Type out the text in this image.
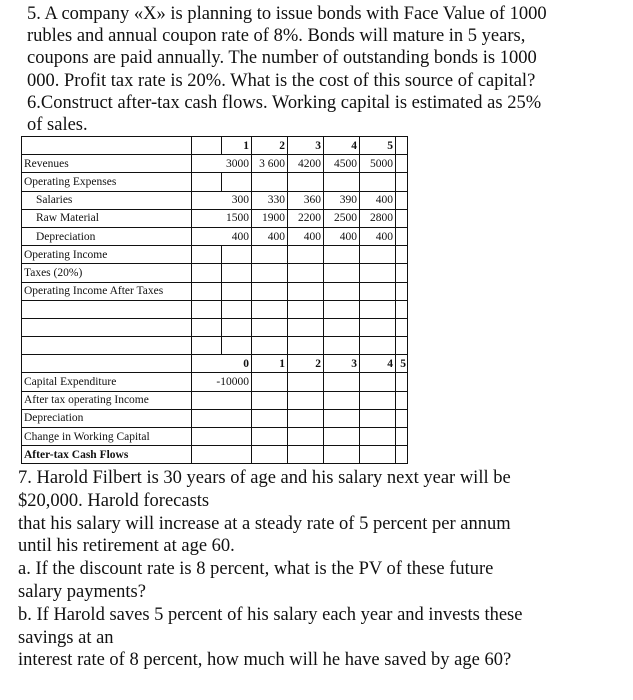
5. A company «X» is planning to issue bonds with Face Value of 1000
rubles and annual coupon rate of 8%. Bonds will mature in 5 years,
coupons are paid annually. The number of outstanding bonds is 1000
000. Profit tax rate is 20%. What is the cost of this source of capital?
6.Construct after-tax cash flows. Working capital is estimated as 25%
of sales.
		1	2	3	4	5	
Revenues	3000		3 600	4200	4500	5000	
Operating Expenses							
Salaries	300		330	360	390	400	
Raw Material	1500		1900	2200	2500	2800	
Depreciation	400		400	400	400	400	
Operating Income							
Taxes (20%)							
Operating Income After Taxes							

	0		1	2	3	4	5
Capital Expenditure	-10000						
After tax operating Income							
Depreciation							
Change in Working Capital							
After-tax Cash Flows							
7. Harold Filbert is 30 years of age and his salary next year will be
$20,000. Harold forecasts
that his salary will increase at a steady rate of 5 percent per annum
until his retirement at age 60.
a. If the discount rate is 8 percent, what is the PV of these future
salary payments?
b. If Harold saves 5 percent of his salary each year and invests these
savings at an
interest rate of 8 percent, how much will he have saved by age 60?
